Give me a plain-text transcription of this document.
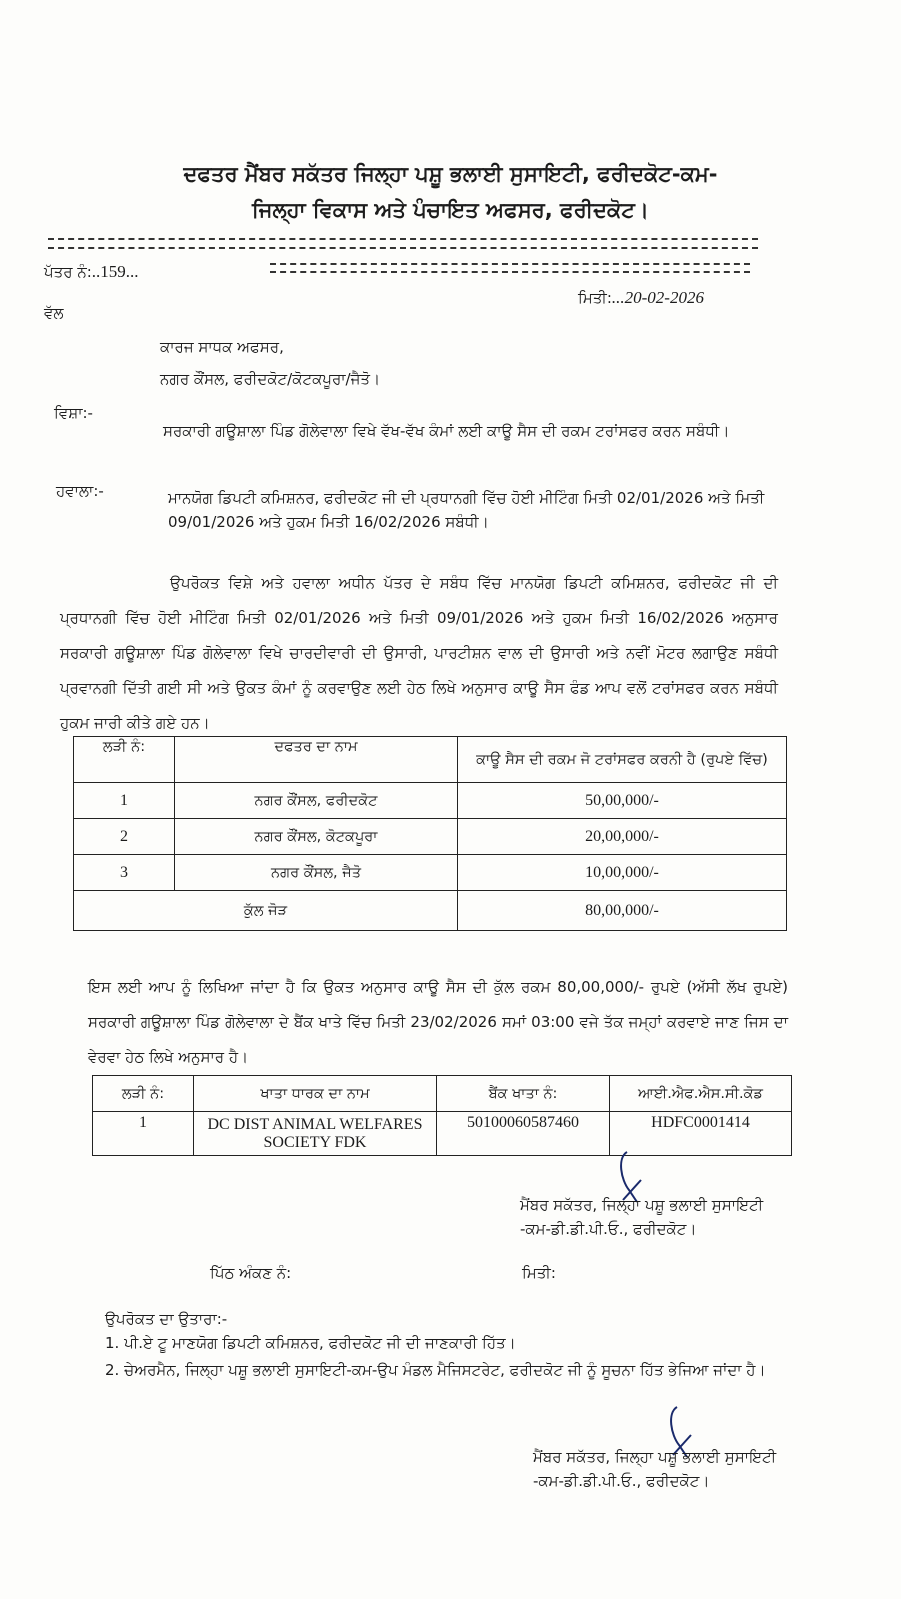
ਦਫਤਰ ਮੈਂਬਰ ਸਕੱਤਰ ਜਿਲ੍ਹਾ ਪਸ਼ੂ ਭਲਾਈ ਸੁਸਾਇਟੀ, ਫਰੀਦਕੋਟ-ਕਮ-
ਜਿਲ੍ਹਾ ਵਿਕਾਸ ਅਤੇ ਪੰਚਾਇਤ ਅਫਸਰ, ਫਰੀਦਕੋਟ।
ਪੱਤਰ ਨੰ:..159...
ਮਿਤੀ:...20-02-2026
ਵੱਲ
ਕਾਰਜ ਸਾਧਕ ਅਫਸਰ,
ਨਗਰ ਕੌਂਸਲ, ਫਰੀਦਕੋਟ/ਕੋਟਕਪੂਰਾ/ਜੈਤੋ।
ਵਿਸ਼ਾ:-
ਸਰਕਾਰੀ ਗਊਸ਼ਾਲਾ ਪਿੰਡ ਗੋਲੇਵਾਲਾ ਵਿਖੇ ਵੱਖ-ਵੱਖ ਕੰਮਾਂ ਲਈ ਕਾਊ ਸੈਸ ਦੀ ਰਕਮ ਟਰਾਂਸਫਰ ਕਰਨ ਸਬੰਧੀ।
ਹਵਾਲਾ:-	ਮਾਨਯੋਗ ਡਿਪਟੀ ਕਮਿਸ਼ਨਰ, ਫਰੀਦਕੋਟ ਜੀ ਦੀ ਪ੍ਰਧਾਨਗੀ ਵਿੱਚ ਹੋਈ ਮੀਟਿੰਗ ਮਿਤੀ 02/01/2026 ਅਤੇ ਮਿਤੀ 09/01/2026 ਅਤੇ ਹੁਕਮ ਮਿਤੀ 16/02/2026 ਸਬੰਧੀ।
ਉਪਰੋਕਤ ਵਿਸ਼ੇ ਅਤੇ ਹਵਾਲਾ ਅਧੀਨ ਪੱਤਰ ਦੇ ਸਬੰਧ ਵਿੱਚ ਮਾਨਯੋਗ ਡਿਪਟੀ ਕਮਿਸ਼ਨਰ, ਫਰੀਦਕੋਟ ਜੀ ਦੀ ਪ੍ਰਧਾਨਗੀ ਵਿੱਚ ਹੋਈ ਮੀਟਿੰਗ ਮਿਤੀ 02/01/2026 ਅਤੇ ਮਿਤੀ 09/01/2026 ਅਤੇ ਹੁਕਮ ਮਿਤੀ 16/02/2026 ਅਨੁਸਾਰ ਸਰਕਾਰੀ ਗਊਸ਼ਾਲਾ ਪਿੰਡ ਗੋਲੇਵਾਲਾ ਵਿਖੇ ਚਾਰਦੀਵਾਰੀ ਦੀ ਉਸਾਰੀ, ਪਾਰਟੀਸ਼ਨ ਵਾਲ ਦੀ ਉਸਾਰੀ ਅਤੇ ਨਵੀਂ ਮੋਟਰ ਲਗਾਉਣ ਸਬੰਧੀ ਪ੍ਰਵਾਨਗੀ ਦਿੱਤੀ ਗਈ ਸੀ ਅਤੇ ਉਕਤ ਕੰਮਾਂ ਨੂੰ ਕਰਵਾਉਣ ਲਈ ਹੇਠ ਲਿਖੇ ਅਨੁਸਾਰ ਕਾਊ ਸੈਸ ਫੰਡ ਆਪ ਵਲੋਂ ਟਰਾਂਸਫਰ ਕਰਨ ਸਬੰਧੀ ਹੁਕਮ ਜਾਰੀ ਕੀਤੇ ਗਏ ਹਨ।
ਲੜੀ ਨੰ:	ਦਫਤਰ ਦਾ ਨਾਮ	ਕਾਊ ਸੈਸ ਦੀ ਰਕਮ ਜੋ ਟਰਾਂਸਫਰ ਕਰਨੀ ਹੈ (ਰੁਪਏ ਵਿੱਚ)
1	ਨਗਰ ਕੌਂਸਲ, ਫਰੀਦਕੋਟ	50,00,000/-
2	ਨਗਰ ਕੌਂਸਲ, ਕੋਟਕਪੂਰਾ	20,00,000/-
3	ਨਗਰ ਕੌਂਸਲ, ਜੈਤੋ	10,00,000/-
ਕੁੱਲ ਜੋੜ		80,00,000/-
ਇਸ ਲਈ ਆਪ ਨੂੰ ਲਿਖਿਆ ਜਾਂਦਾ ਹੈ ਕਿ ਉਕਤ ਅਨੁਸਾਰ ਕਾਊ ਸੈਸ ਦੀ ਕੁੱਲ ਰਕਮ 80,00,000/- ਰੁਪਏ (ਅੱਸੀ ਲੱਖ ਰੁਪਏ) ਸਰਕਾਰੀ ਗਊਸ਼ਾਲਾ ਪਿੰਡ ਗੋਲੇਵਾਲਾ ਦੇ ਬੈਂਕ ਖਾਤੇ ਵਿੱਚ ਮਿਤੀ 23/02/2026 ਸਮਾਂ 03:00 ਵਜੇ ਤੱਕ ਜਮ੍ਹਾਂ ਕਰਵਾਏ ਜਾਣ ਜਿਸ ਦਾ ਵੇਰਵਾ ਹੇਠ ਲਿਖੇ ਅਨੁਸਾਰ ਹੈ।
ਲੜੀ ਨੰ:	ਖਾਤਾ ਧਾਰਕ ਦਾ ਨਾਮ	ਬੈਂਕ ਖਾਤਾ ਨੰ:	ਆਈ.ਐਫ.ਐਸ.ਸੀ.ਕੋਡ
1	DC DIST ANIMAL WELFARES SOCIETY FDK	50100060587460	HDFC0001414
ਮੈਂਬਰ ਸਕੱਤਰ, ਜਿਲ੍ਹਾ ਪਸ਼ੂ ਭਲਾਈ ਸੁਸਾਇਟੀ
-ਕਮ-ਡੀ.ਡੀ.ਪੀ.ਓ., ਫਰੀਦਕੋਟ।
ਪਿੱਠ ਅੰਕਣ ਨੰ:	ਮਿਤੀ:
ਉਪਰੋਕਤ ਦਾ ਉਤਾਰਾ:-
1. ਪੀ.ਏ ਟੂ ਮਾਣਯੋਗ ਡਿਪਟੀ ਕਮਿਸ਼ਨਰ, ਫਰੀਦਕੋਟ ਜੀ ਦੀ ਜਾਣਕਾਰੀ ਹਿੱਤ।
2. ਚੇਅਰਮੈਨ, ਜਿਲ੍ਹਾ ਪਸ਼ੂ ਭਲਾਈ ਸੁਸਾਇਟੀ-ਕਮ-ਉਪ ਮੰਡਲ ਮੈਜਿਸਟਰੇਟ, ਫਰੀਦਕੋਟ ਜੀ ਨੂੰ ਸੂਚਨਾ ਹਿੱਤ ਭੇਜਿਆ ਜਾਂਦਾ ਹੈ।
ਮੈਂਬਰ ਸਕੱਤਰ, ਜਿਲ੍ਹਾ ਪਸ਼ੂ ਭਲਾਈ ਸੁਸਾਇਟੀ
-ਕਮ-ਡੀ.ਡੀ.ਪੀ.ਓ., ਫਰੀਦਕੋਟ।
